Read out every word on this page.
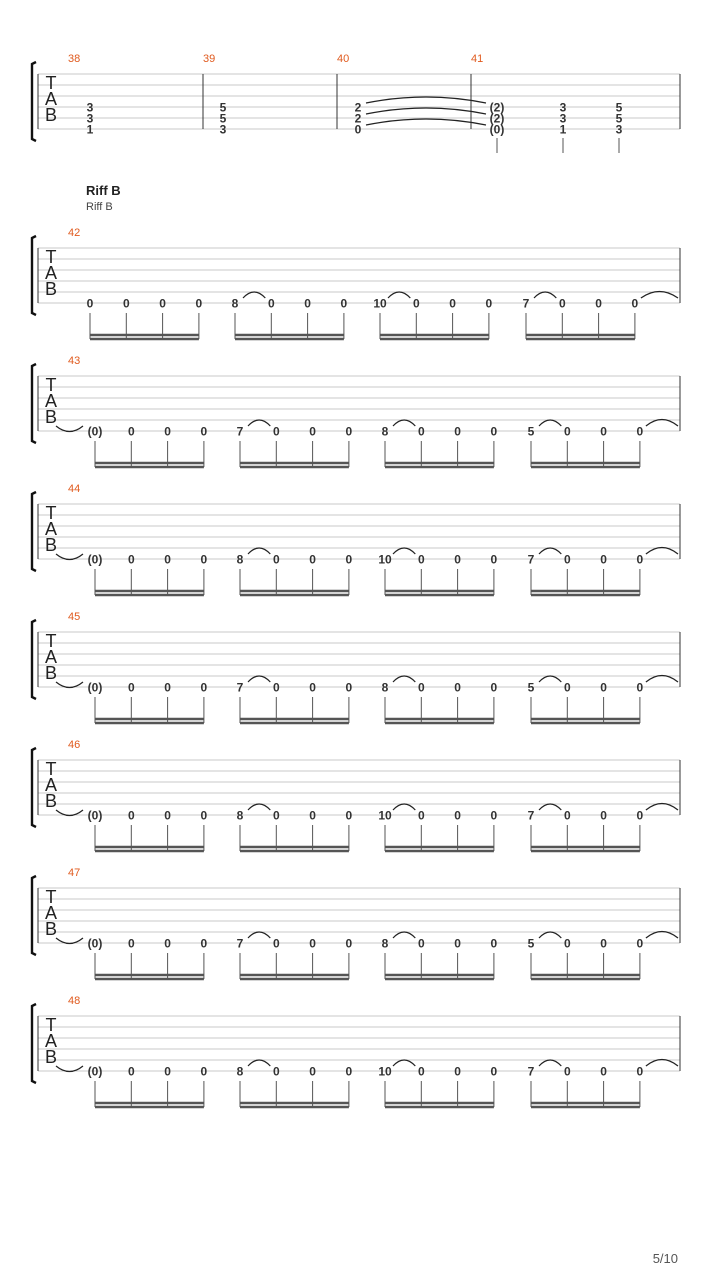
Riff B
Riff B
5/10
T
A
B
38	39	40	41
3
3
1
5
5
3
2
2
0
(2)
(2)
(0)
3
3
1
5
5
3
T
A
B
42
0 0 0 0 8 0 0 0 10 0 0 0	7 0 0 0
T
A
B
43
(0) 0 0 0 7 0 0 0 8 0 0 0	5 0 0 0
T
A
B
44
(0) 0 0 0 8 0 0 0 10 0 0 0	7 0 0 0
T
A
B
45
(0) 0 0 0 7 0 0 0 8 0 0 0	5 0 0 0
T
A
B
46
(0) 0 0 0 8 0 0 0 10 0 0 0	7 0 0 0
T
A
B
47
(0) 0 0 0 7 0 0 0 8 0 0 0	5 0 0 0
T
A
B
48
(0) 0 0 0 8 0 0 0 10 0 0 0	7 0 0 0
